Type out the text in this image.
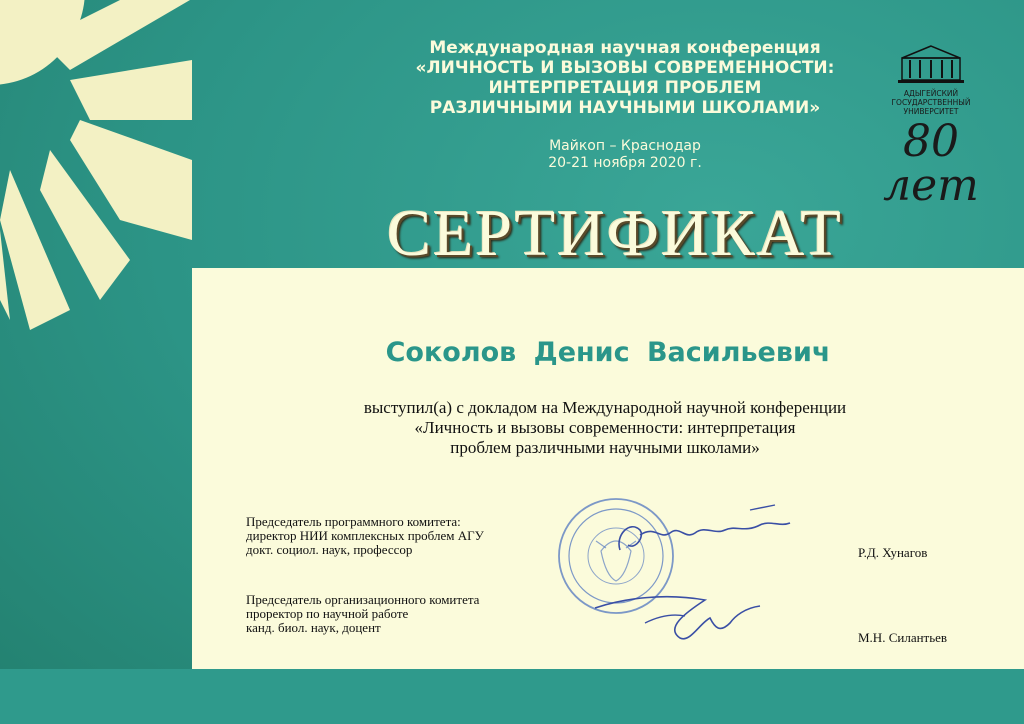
Международная научная конференция
«ЛИЧНОСТЬ И ВЫЗОВЫ СОВРЕМЕННОСТИ:
ИНТЕРПРЕТАЦИЯ ПРОБЛЕМ
РАЗЛИЧНЫМИ НАУЧНЫМИ ШКОЛАМИ»
Майкоп – Краснодар
20-21 ноября 2020 г.
АДЫГЕЙСКИЙ
ГОСУДАРСТВЕННЫЙ
УНИВЕРСИТЕТ
80 лет
СЕРТИФИКАТ
Соколов Денис Васильевич
выступил(а) с докладом на Международной научной конференции
«Личность и вызовы современности: интерпретация
проблем различными научными школами»
Председатель программного комитета:
директор НИИ комплексных проблем АГУ
докт. социол. наук, профессор	Р.Д. Хунагов
Председатель организационного комитета
проректор по научной работе
канд. биол. наук, доцент
М.Н. Силантьев
